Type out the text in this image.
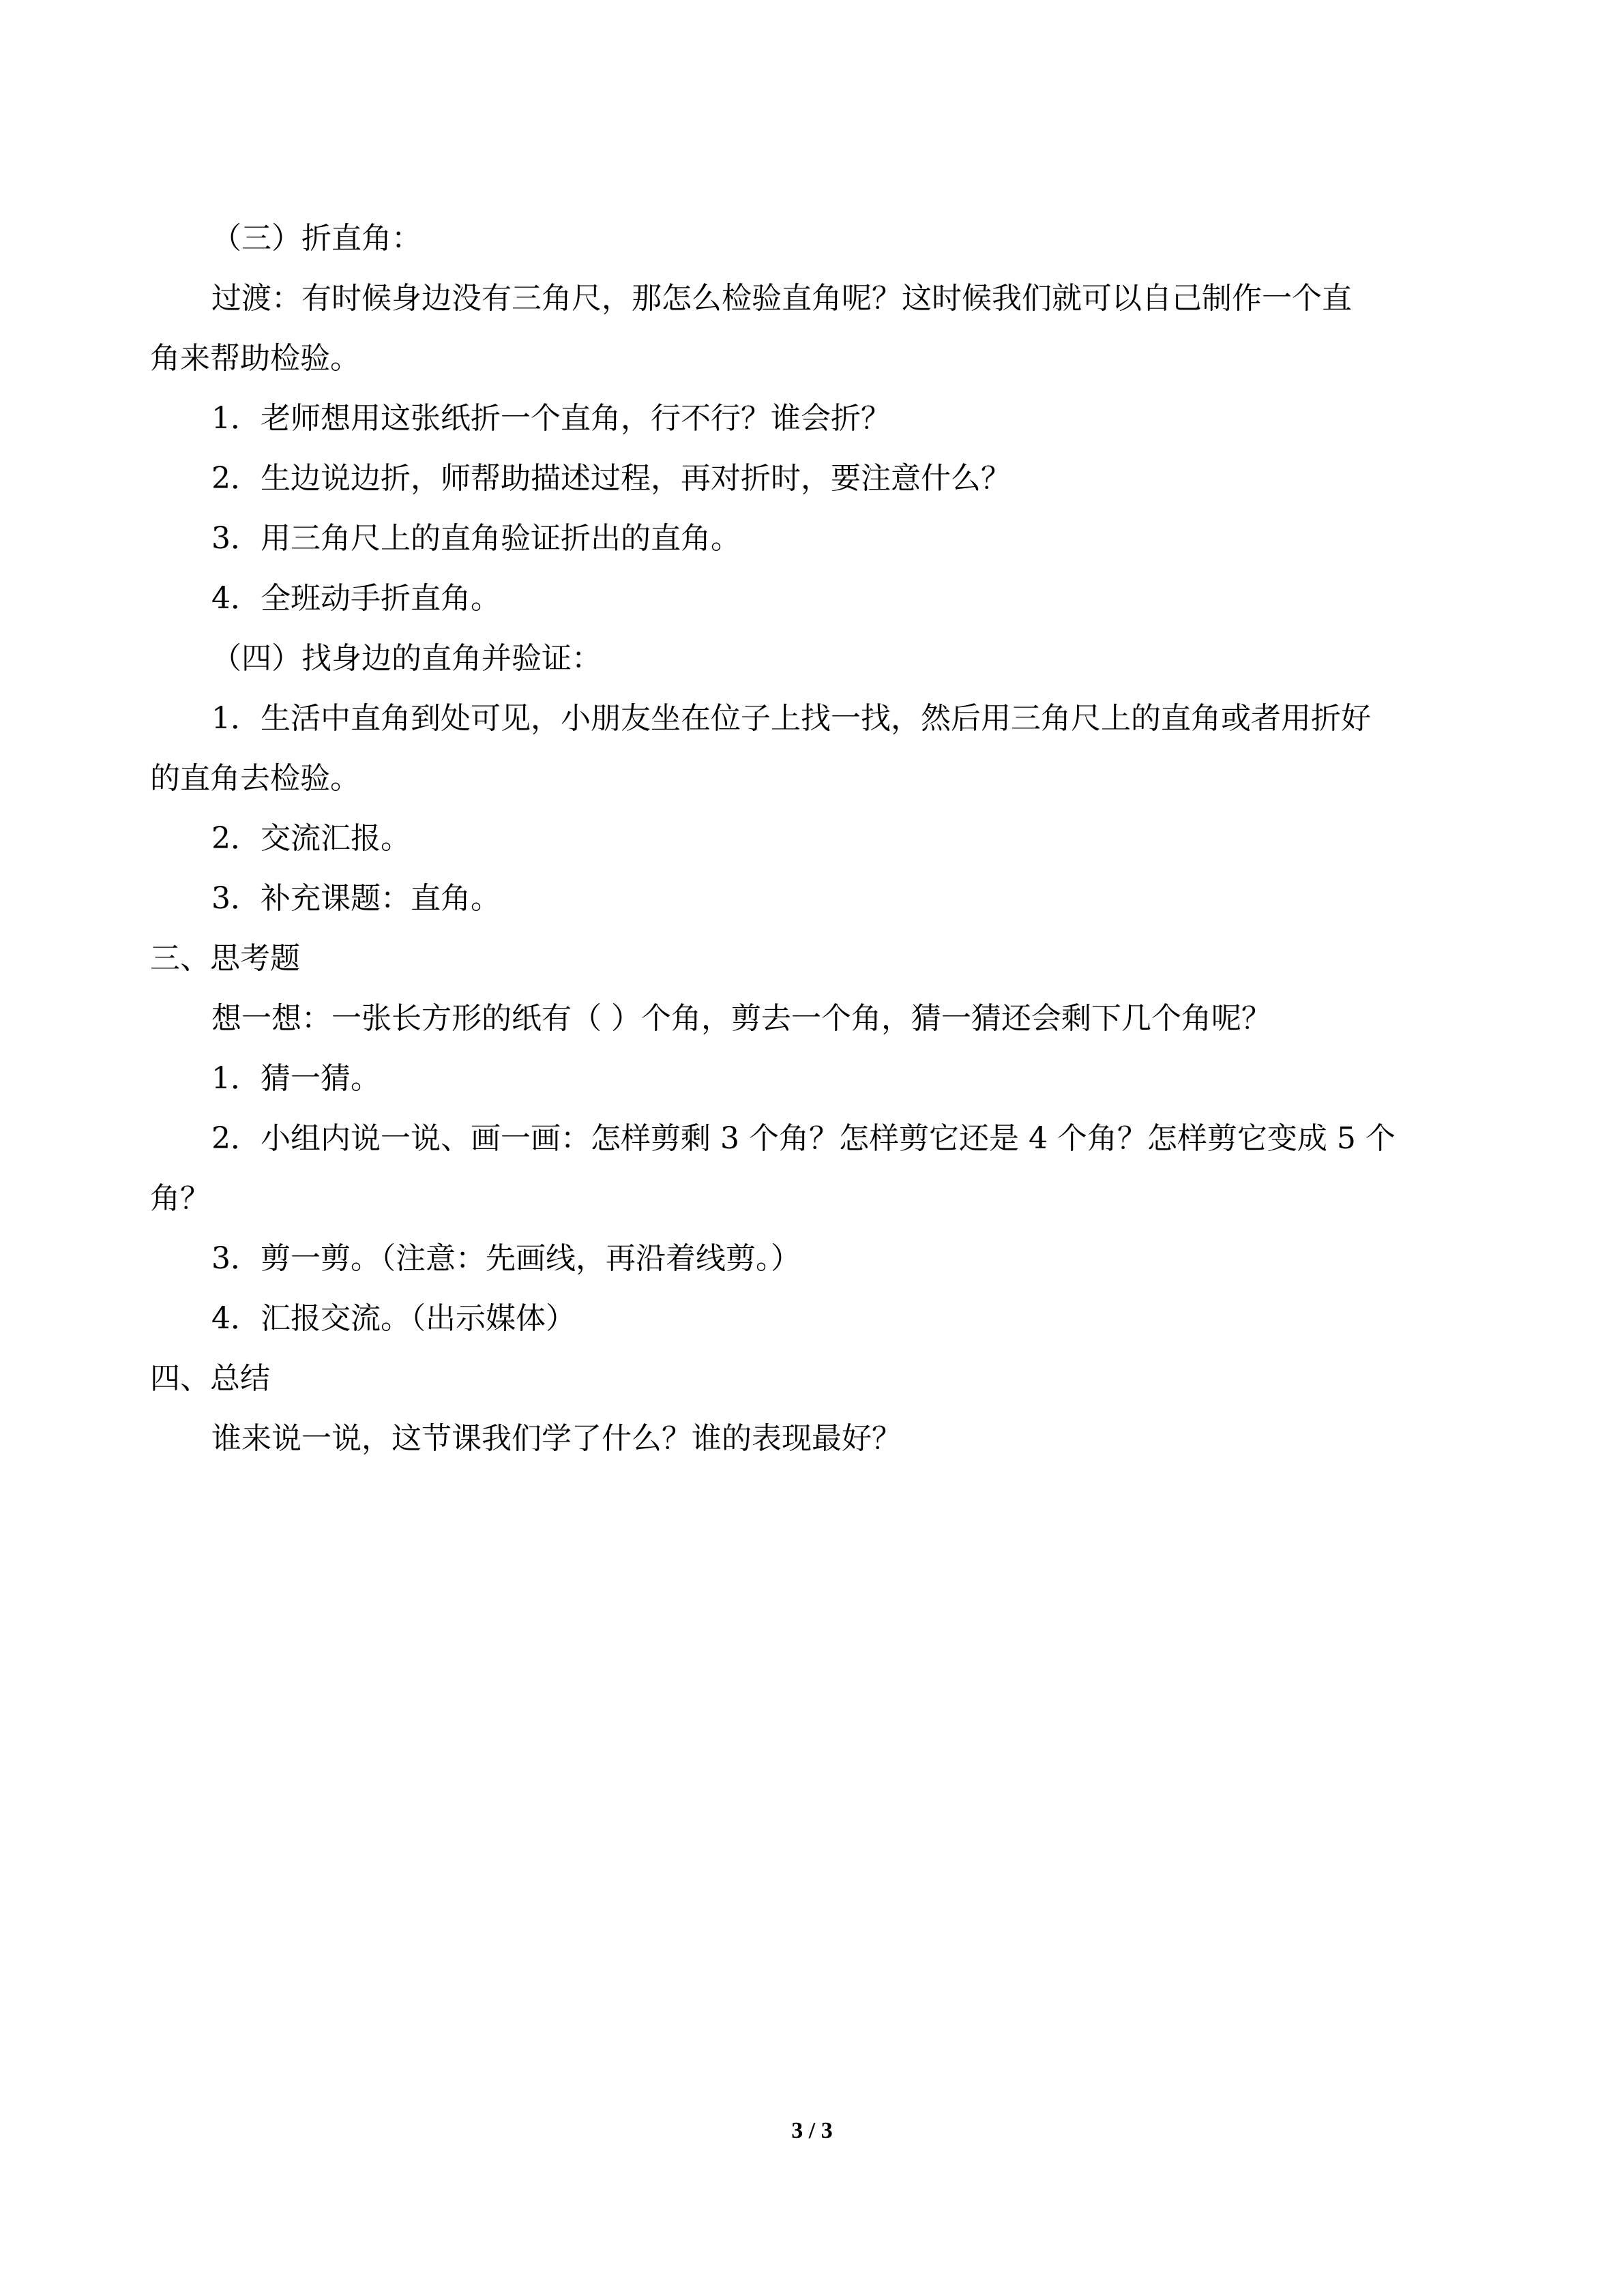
（三）折直角：
过渡：有时候身边没有三角尺，那怎么检验直角呢？这时候我们就可以自己制作一个直
角来帮助检验。
1．老师想用这张纸折一个直角，行不行？谁会折？
2．生边说边折，师帮助描述过程，再对折时，要注意什么？
3．用三角尺上的直角验证折出的直角。
4．全班动手折直角。
（四）找身边的直角并验证：
1．生活中直角到处可见，小朋友坐在位子上找一找，然后用三角尺上的直角或者用折好
的直角去检验。
2．交流汇报。
3．补充课题：直角。
三、思考题
想一想：一张长方形的纸有（ ）个角，剪去一个角，猜一猜还会剩下几个角呢？
1．猜一猜。
2．小组内说一说、画一画：怎样剪剩 3 个角？怎样剪它还是 4 个角？怎样剪它变成 5 个
角？
3．剪一剪。（注意：先画线，再沿着线剪。）
4．汇报交流。（出示媒体）
四、总结
谁来说一说，这节课我们学了什么？谁的表现最好？
3 / 3
